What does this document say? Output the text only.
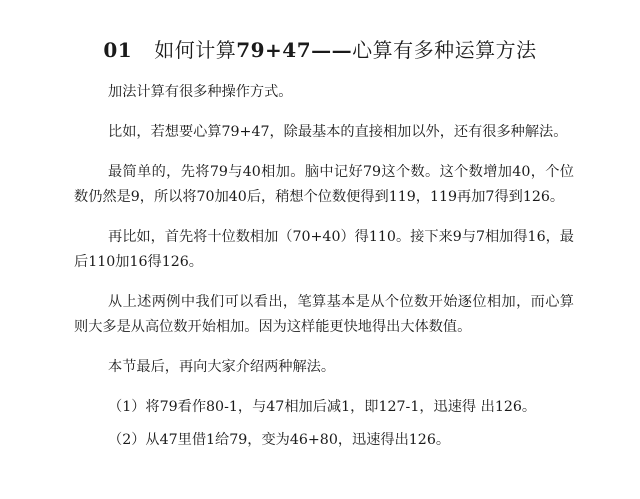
01 如何计算79+47——心算有多种运算方法

加法计算有很多种操作方式。

比如，若想要心算79+47，除最基本的直接相加以外，还有很多种解法。

最简单的，先将79与40相加。脑中记好79这个数。这个数增加40，个位数仍然是9，所以将70加40后，稍想个位数便得到119，119再加7得到126。

再比如，首先将十位数相加（70+40）得110。接下来9与7相加得16，最后110加16得126。

从上述两例中我们可以看出，笔算基本是从个位数开始逐位相加，而心算则大多是从高位数开始相加。因为这样能更快地得出大体数值。

本节最后，再向大家介绍两种解法。

（1）将79看作80-1，与47相加后减1，即127-1，迅速得 出126。

（2）从47里借1给79，变为46+80，迅速得出126。
